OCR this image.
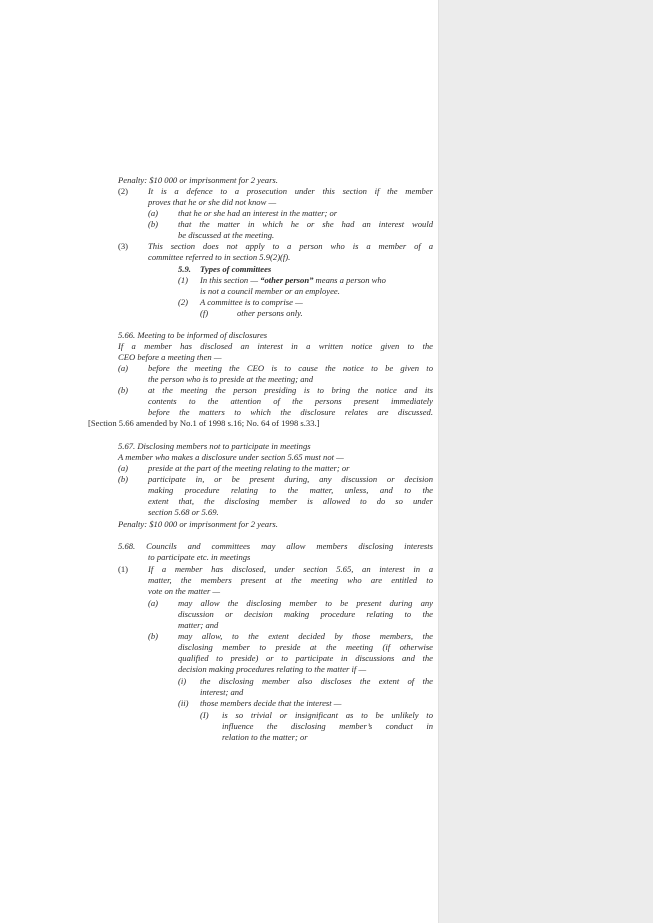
Penalty: $10 000 or imprisonment for 2 years.
(2) It is a defence to a prosecution under this section if the member
proves that he or she did not know —
(a) that he or she had an interest in the matter; or
(b) that the matter in which he or she had an interest would
be discussed at the meeting.
(3) This section does not apply to a person who is a member of a
committee referred to in section 5.9(2)(f).
5.9. Types of committees
(1) In this section — “other person” means a person who
is not a council member or an employee.
(2) A committee is to comprise —
(f)	other persons only.
5.66. Meeting to be informed of disclosures
If a member has disclosed an interest in a written notice given to the
CEO before a meeting then —
(a) before the meeting the CEO is to cause the notice to be given to
the person who is to preside at the meeting; and
(b) at the meeting the person presiding is to bring the notice and its
contents to the attention of the persons present immediately
before the matters to which the disclosure relates are discussed.
[Section 5.66 amended by No.1 of 1998 s.16; No. 64 of 1998 s.33.]
5.67. Disclosing members not to participate in meetings
A member who makes a disclosure under section 5.65 must not —
(a) preside at the part of the meeting relating to the matter; or
(b) participate in, or be present during, any discussion or decision
making procedure relating to the matter, unless, and to the
extent that, the disclosing member is allowed to do so under
section 5.68 or 5.69.
Penalty: $10 000 or imprisonment for 2 years.
5.68. Councils and committees may allow members disclosing interests
to participate etc. in meetings
(1) If a member has disclosed, under section 5.65, an interest in a
matter, the members present at the meeting who are entitled to
vote on the matter —
(a) may allow the disclosing member to be present during any
discussion or decision making procedure relating to the
matter; and
(b) may allow, to the extent decided by those members, the
disclosing member to preside at the meeting (if otherwise
qualified to preside) or to participate in discussions and the
decision making procedures relating to the matter if —
(i) the disclosing member also discloses the extent of the
interest; and
(ii) those members decide that the interest —
(I) is so trivial or insignificant as to be unlikely to
influence the disclosing member’s conduct in
relation to the matter; or
